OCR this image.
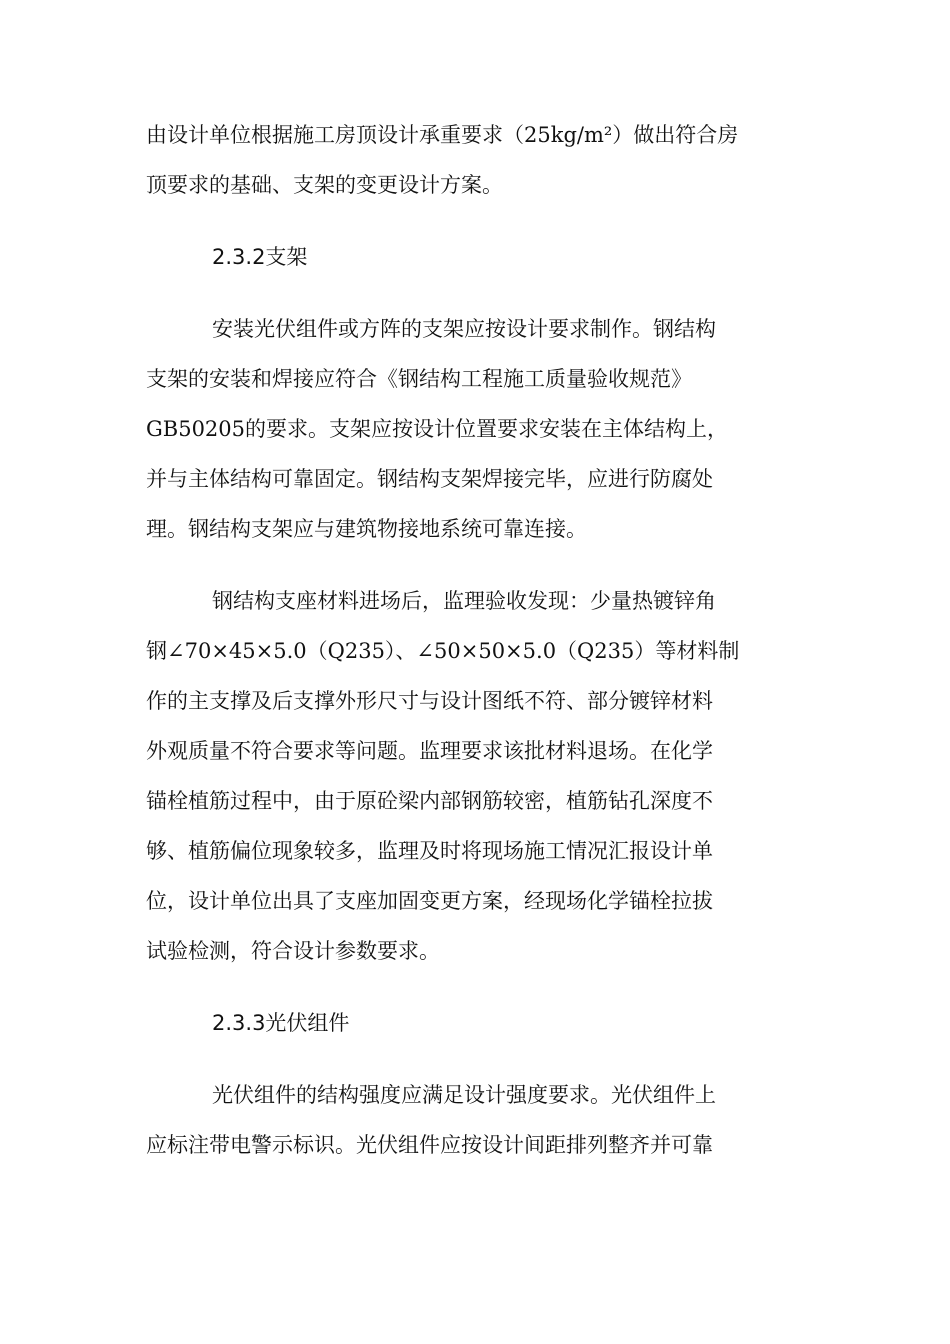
由设计单位根据施工房顶设计承重要求（25kg/m²）做出符合房
顶要求的基础、支架的变更设计方案。
2.3.2支架
安装光伏组件或方阵的支架应按设计要求制作。钢结构
支架的安装和焊接应符合《钢结构工程施工质量验收规范》
GB50205的要求。支架应按设计位置要求安装在主体结构上，
并与主体结构可靠固定。钢结构支架焊接完毕，应进行防腐处
理。钢结构支架应与建筑物接地系统可靠连接。
钢结构支座材料进场后，监理验收发现：少量热镀锌角
钢∠70×45×5.0（Q235）、∠50×50×5.0（Q235）等材料制
作的主支撑及后支撑外形尺寸与设计图纸不符、部分镀锌材料
外观质量不符合要求等问题。监理要求该批材料退场。在化学
锚栓植筋过程中，由于原砼梁内部钢筋较密，植筋钻孔深度不
够、植筋偏位现象较多，监理及时将现场施工情况汇报设计单
位，设计单位出具了支座加固变更方案，经现场化学锚栓拉拔
试验检测，符合设计参数要求。
2.3.3光伏组件
光伏组件的结构强度应满足设计强度要求。光伏组件上
应标注带电警示标识。光伏组件应按设计间距排列整齐并可靠
